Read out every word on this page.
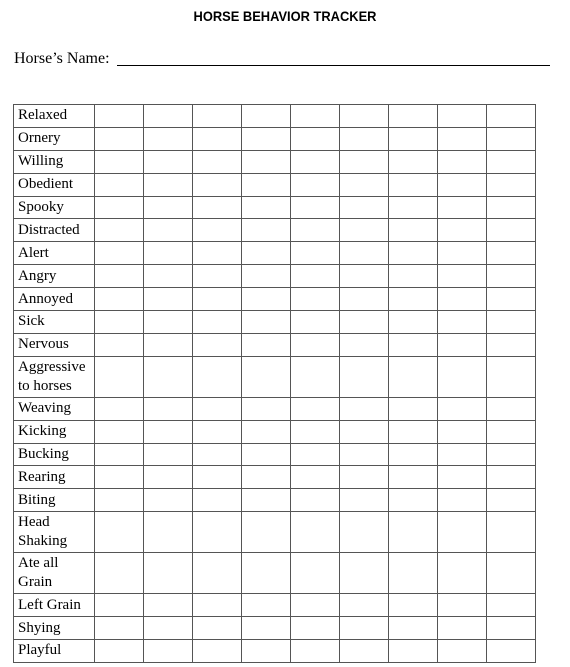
HORSE BEHAVIOR TRACKER
Horse’s Name:
Relaxed									
Ornery									
Willing									
Obedient									
Spooky									
Distracted									
Alert									
Angry									
Annoyed									
Sick									
Nervous									
Aggressive to horses									
Weaving									
Kicking									
Bucking									
Rearing									
Biting									
Head Shaking									
Ate all Grain									
Left Grain									
Shying									
Playful									
